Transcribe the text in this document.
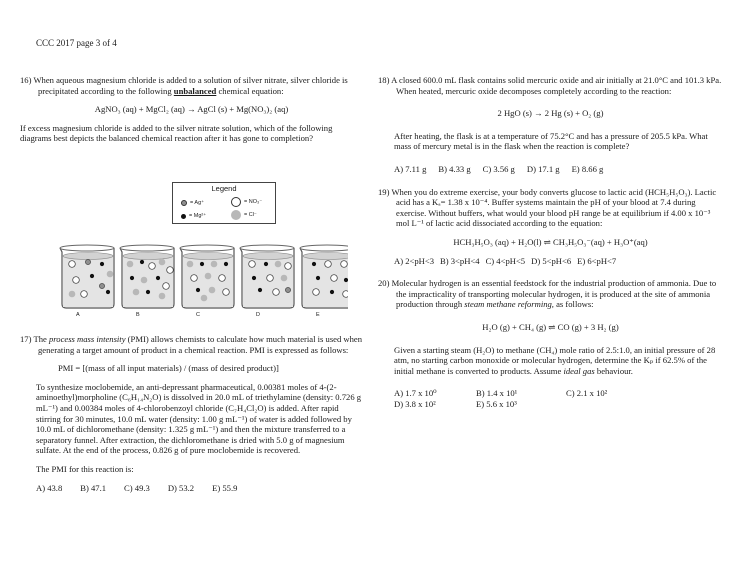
CCC 2017 page 3 of 4

16) When aqueous magnesium chloride is added to a solution of silver nitrate, silver chloride is precipitated according to the following unbalanced chemical equation:

AgNO₃ (aq) + MgCl₂ (aq) → AgCl (s) + Mg(NO₃)₂ (aq)

If excess magnesium chloride is added to the silver nitrate solution, which of the following diagrams best depicts the balanced chemical reaction after it has gone to completion?

Legend
= Ag⁺	= NO₃⁻
= Mg²⁺	= Cl⁻
A	B	C	D	E

17) The process mass intensity (PMI) allows chemists to calculate how much material is used when generating a target amount of product in a chemical reaction. PMI is expressed as follows:

PMI = [(mass of all input materials) / (mass of desired product)]

To synthesize moclobemide, an anti-depressant pharmaceutical, 0.00381 moles of 4-(2-aminoethyl)morpholine (C₆H₁₄N₂O) is dissolved in 20.0 mL of triethylamine (density: 0.726 g mL⁻¹) and 0.00384 moles of 4-chlorobenzoyl chloride (C₇H₄Cl₂O) is added. After rapid stirring for 30 minutes, 10.0 mL water (density: 1.00 g mL⁻¹) of water is added followed by 10.0 mL of dichloromethane (density: 1.325 g mL⁻¹) and then the mixture transferred to a separatory funnel. After extraction, the dichloromethane is dried with 5.0 g of magnesium sulfate. At the end of the process, 0.826 g of pure moclobemide is recovered.

The PMI for this reaction is:

A) 43.8 B) 47.1 C) 49.3 D) 53.2 E) 55.9

18) A closed 600.0 mL flask contains solid mercuric oxide and air initially at 21.0°C and 101.3 kPa. When heated, mercuric oxide decomposes completely according to the reaction:

2 HgO (s) → 2 Hg (s) + O₂ (g)

After heating, the flask is at a temperature of 75.2°C and has a pressure of 205.5 kPa. What mass of mercury metal is in the flask when the reaction is complete?

A) 7.11 g B) 4.33 g C) 3.56 g D) 17.1 g E) 8.66 g

19) When you do extreme exercise, your body converts glucose to lactic acid (HCH₅H₅O₃). Lactic acid has a Kₐ= 1.38 x 10⁻⁴. Buffer systems maintain the pH of your blood at 7.4 during exercise. Without buffers, what would your blood pH range be at equilibrium if 4.00 x 10⁻³ mol L⁻¹ of lactic acid dissociated according to the equation:

HCH₃H₅O₃ (aq) + H₂O(l) ⇌ CH₃H₅O₃⁻(aq) + H₃O⁺(aq)

A) 2<pH<3 B) 3<pH<4 C) 4<pH<5 D) 5<pH<6 E) 6<pH<7

20) Molecular hydrogen is an essential feedstock for the industrial production of ammonia. Due to the impracticality of transporting molecular hydrogen, it is produced at the site of ammonia production through steam methane reforming, as follows:

H₂O (g) + CH₄ (g) ⇌ CO (g) + 3 H₂ (g)

Given a starting steam (H₂O) to methane (CH₄) mole ratio of 2.5:1.0, an initial pressure of 28 atm, no starting carbon monoxide or molecular hydrogen, determine the Kₚ if 62.5% of the initial methane is converted to products. Assume ideal gas behaviour.

A) 1.7 x 10⁰	B) 1.4 x 10¹	C) 2.1 x 10²
D) 3.8 x 10²	E) 5.6 x 10³
